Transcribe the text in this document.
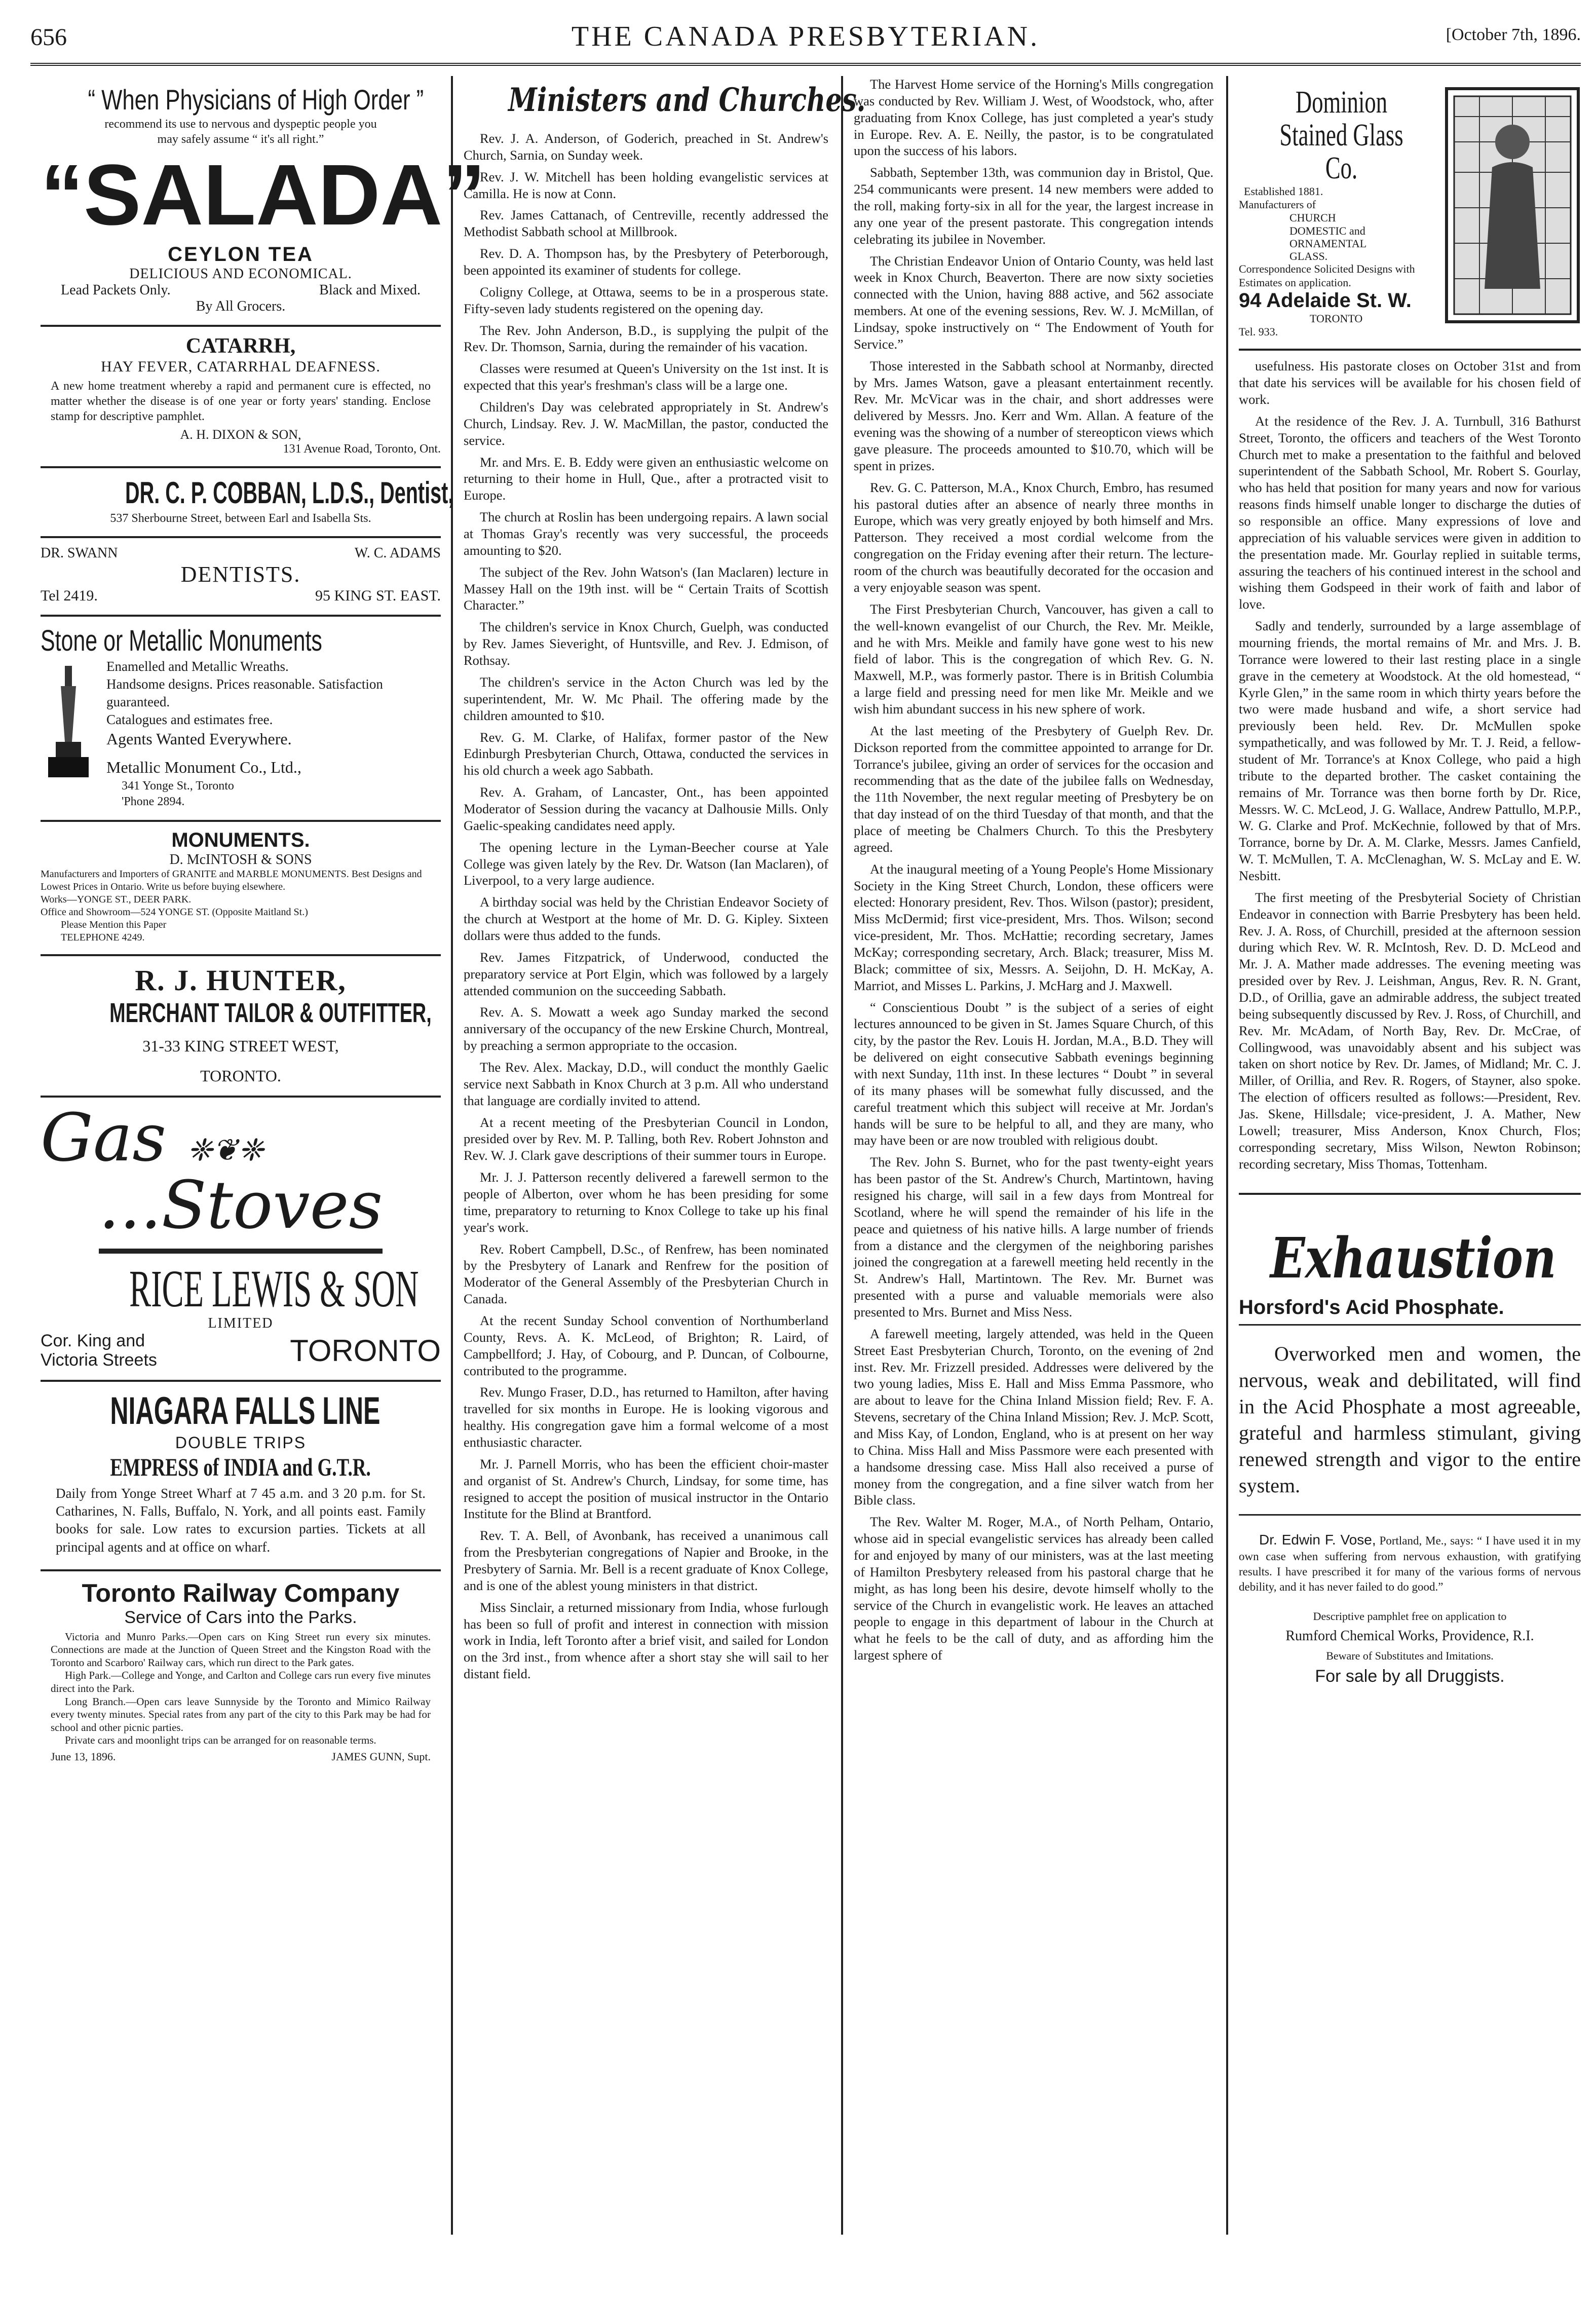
656	THE CANADA PRESBYTERIAN.	[October 7th, 1896.
“ When Physicians of High Order ”
recommend its use to nervous and dyspeptic people you may safely assume “ it's all right.”
“SALADA”
CEYLON TEA
DELICIOUS AND ECONOMICAL.
Lead Packets Only.	Black and Mixed.
By All Grocers.
CATARRH,
HAY FEVER, CATARRHAL DEAFNESS.
A new home treatment whereby a rapid and permanent cure is effected, no matter whether the disease is of one year or forty years' standing. Enclose stamp for descriptive pamphlet.
A. H. DIXON & SON,
131 Avenue Road, Toronto, Ont.
DR. C. P. COBBAN, L.D.S., Dentist,
537 Sherbourne Street, between Earl and Isabella Sts.
DR. SWANN	W. C. ADAMS
DENTISTS.
Tel 2419.	95 KING ST. EAST.
Stone or Metallic Monuments
Enamelled and Metallic Wreaths.
Handsome designs. Prices reasonable. Satisfaction guaranteed.
Catalogues and estimates free.
Agents Wanted Everywhere.
Metallic Monument Co., Ltd.,
341 Yonge St., Toronto
'Phone 2894.
MONUMENTS.
D. McINTOSH & SONS
Manufacturers and Importers of GRANITE and MARBLE MONUMENTS. Best Designs and Lowest Prices in Ontario. Write us before buying elsewhere.
Works—YONGE ST., DEER PARK.
Office and Showroom—524 YONGE ST. (Opposite Maitland St.)
Please Mention this Paper
TELEPHONE 4249.
R. J. HUNTER,
MERCHANT TAILOR & OUTFITTER,
31-33 KING STREET WEST,
TORONTO.
Gas ❈❦❈
...Stoves
RICE LEWIS & SON
LIMITED
Cor. King and Victoria Streets	TORONTO
NIAGARA FALLS LINE
DOUBLE TRIPS
EMPRESS of INDIA and G.T.R.
Daily from Yonge Street Wharf at 7 45 a.m. and 3 20 p.m. for St. Catharines, N. Falls, Buffalo, N. York, and all points east. Family books for sale. Low rates to excursion parties. Tickets at all principal agents and at office on wharf.
Toronto Railway Company
Service of Cars into the Parks.

Victoria and Munro Parks.—Open cars on King Street run every six minutes. Connections are made at the Junction of Queen Street and the Kingston Road with the Toronto and Scarboro' Railway cars, which run direct to the Park gates.

High Park.—College and Yonge, and Carlton and College cars run every five minutes direct into the Park.

Long Branch.—Open cars leave Sunnyside by the Toronto and Mimico Railway every twenty minutes. Special rates from any part of the city to this Park may be had for school and other picnic parties.

Private cars and moonlight trips can be arranged for on reasonable terms.

June 13, 1896.	JAMES GUNN, Supt.
Ministers and Churches.

Rev. J. A. Anderson, of Goderich, preached in St. Andrew's Church, Sarnia, on Sunday week.

Rev. J. W. Mitchell has been holding evangelistic services at Camilla. He is now at Conn.

Rev. James Cattanach, of Centreville, recently addressed the Methodist Sabbath school at Millbrook.

Rev. D. A. Thompson has, by the Presbytery of Peterborough, been appointed its examiner of students for college.

Coligny College, at Ottawa, seems to be in a prosperous state. Fifty-seven lady students registered on the opening day.

The Rev. John Anderson, B.D., is supplying the pulpit of the Rev. Dr. Thomson, Sarnia, during the remainder of his vacation.

Classes were resumed at Queen's University on the 1st inst. It is expected that this year's freshman's class will be a large one.

Children's Day was celebrated appropriately in St. Andrew's Church, Lindsay. Rev. J. W. MacMillan, the pastor, conducted the service.

Mr. and Mrs. E. B. Eddy were given an enthusiastic welcome on returning to their home in Hull, Que., after a protracted visit to Europe.

The church at Roslin has been undergoing repairs. A lawn social at Thomas Gray's recently was very successful, the proceeds amounting to $20.

The subject of the Rev. John Watson's (Ian Maclaren) lecture in Massey Hall on the 19th inst. will be “ Certain Traits of Scottish Character.”

The children's service in Knox Church, Guelph, was conducted by Rev. James Sieveright, of Huntsville, and Rev. J. Edmison, of Rothsay.

The children's service in the Acton Church was led by the superintendent, Mr. W. Mc Phail. The offering made by the children amounted to $10.

Rev. G. M. Clarke, of Halifax, former pastor of the New Edinburgh Presbyterian Church, Ottawa, conducted the services in his old church a week ago Sabbath.

Rev. A. Graham, of Lancaster, Ont., has been appointed Moderator of Session during the vacancy at Dalhousie Mills. Only Gaelic-speaking candidates need apply.

The opening lecture in the Lyman-Beecher course at Yale College was given lately by the Rev. Dr. Watson (Ian Maclaren), of Liverpool, to a very large audience.

A birthday social was held by the Christian Endeavor Society of the church at Westport at the home of Mr. D. G. Kipley. Sixteen dollars were thus added to the funds.

Rev. James Fitzpatrick, of Underwood, conducted the preparatory service at Port Elgin, which was followed by a largely attended communion on the succeeding Sabbath.

Rev. A. S. Mowatt a week ago Sunday marked the second anniversary of the occupancy of the new Erskine Church, Montreal, by preaching a sermon appropriate to the occasion.

The Rev. Alex. Mackay, D.D., will conduct the monthly Gaelic service next Sabbath in Knox Church at 3 p.m. All who understand that language are cordially invited to attend.

At a recent meeting of the Presbyterian Council in London, presided over by Rev. M. P. Talling, both Rev. Robert Johnston and Rev. W. J. Clark gave descriptions of their summer tours in Europe.

Mr. J. J. Patterson recently delivered a farewell sermon to the people of Alberton, over whom he has been presiding for some time, preparatory to returning to Knox College to take up his final year's work.

Rev. Robert Campbell, D.Sc., of Renfrew, has been nominated by the Presbytery of Lanark and Renfrew for the position of Moderator of the General Assembly of the Presbyterian Church in Canada.

At the recent Sunday School convention of Northumberland County, Revs. A. K. McLeod, of Brighton; R. Laird, of Campbellford; J. Hay, of Cobourg, and P. Duncan, of Colbourne, contributed to the programme.

Rev. Mungo Fraser, D.D., has returned to Hamilton, after having travelled for six months in Europe. He is looking vigorous and healthy. His congregation gave him a formal welcome of a most enthusiastic character.

Mr. J. Parnell Morris, who has been the efficient choir-master and organist of St. Andrew's Church, Lindsay, for some time, has resigned to accept the position of musical instructor in the Ontario Institute for the Blind at Brantford.

Rev. T. A. Bell, of Avonbank, has received a unanimous call from the Presbyterian congregations of Napier and Brooke, in the Presbytery of Sarnia. Mr. Bell is a recent graduate of Knox College, and is one of the ablest young ministers in that district.

Miss Sinclair, a returned missionary from India, whose furlough has been so full of profit and interest in connection with mission work in India, left Toronto after a brief visit, and sailed for London on the 3rd inst., from whence after a short stay she will sail to her distant field.

The Harvest Home service of the Horning's Mills congregation was conducted by Rev. William J. West, of Woodstock, who, after graduating from Knox College, has just completed a year's study in Europe. Rev. A. E. Neilly, the pastor, is to be congratulated upon the success of his labors.

Sabbath, September 13th, was communion day in Bristol, Que. 254 communicants were present. 14 new members were added to the roll, making forty-six in all for the year, the largest increase in any one year of the present pastorate. This congregation intends celebrating its jubilee in November.

The Christian Endeavor Union of Ontario County, was held last week in Knox Church, Beaverton. There are now sixty societies connected with the Union, having 888 active, and 562 associate members. At one of the evening sessions, Rev. W. J. McMillan, of Lindsay, spoke instructively on “ The Endowment of Youth for Service.”

Those interested in the Sabbath school at Normanby, directed by Mrs. James Watson, gave a pleasant entertainment recently. Rev. Mr. McVicar was in the chair, and short addresses were delivered by Messrs. Jno. Kerr and Wm. Allan. A feature of the evening was the showing of a number of stereopticon views which gave pleasure. The proceeds amounted to $10.70, which will be spent in prizes.

Rev. G. C. Patterson, M.A., Knox Church, Embro, has resumed his pastoral duties after an absence of nearly three months in Europe, which was very greatly enjoyed by both himself and Mrs. Patterson. They received a most cordial welcome from the congregation on the Friday evening after their return. The lecture-room of the church was beautifully decorated for the occasion and a very enjoyable season was spent.

The First Presbyterian Church, Vancouver, has given a call to the well-known evangelist of our Church, the Rev. Mr. Meikle, and he with Mrs. Meikle and family have gone west to his new field of labor. This is the congregation of which Rev. G. N. Maxwell, M.P., was formerly pastor. There is in British Columbia a large field and pressing need for men like Mr. Meikle and we wish him abundant success in his new sphere of work.

At the last meeting of the Presbytery of Guelph Rev. Dr. Dickson reported from the committee appointed to arrange for Dr. Torrance's jubilee, giving an order of services for the occasion and recommending that as the date of the jubilee falls on Wednesday, the 11th November, the next regular meeting of Presbytery be on that day instead of on the third Tuesday of that month, and that the place of meeting be Chalmers Church. To this the Presbytery agreed.

At the inaugural meeting of a Young People's Home Missionary Society in the King Street Church, London, these officers were elected: Honorary president, Rev. Thos. Wilson (pastor); president, Miss McDermid; first vice-president, Mrs. Thos. Wilson; second vice-president, Mr. Thos. McHattie; recording secretary, James McKay; corresponding secretary, Arch. Black; treasurer, Miss M. Black; committee of six, Messrs. A. Seijohn, D. H. McKay, A. Marriot, and Misses L. Parkins, J. McHarg and J. Maxwell.

“ Conscientious Doubt ” is the subject of a series of eight lectures announced to be given in St. James Square Church, of this city, by the pastor the Rev. Louis H. Jordan, M.A., B.D. They will be delivered on eight consecutive Sabbath evenings beginning with next Sunday, 11th inst. In these lectures “ Doubt ” in several of its many phases will be somewhat fully discussed, and the careful treatment which this subject will receive at Mr. Jordan's hands will be sure to be helpful to all, and they are many, who may have been or are now troubled with religious doubt.

The Rev. John S. Burnet, who for the past twenty-eight years has been pastor of the St. Andrew's Church, Martintown, having resigned his charge, will sail in a few days from Montreal for Scotland, where he will spend the remainder of his life in the peace and quietness of his native hills. A large number of friends from a distance and the clergymen of the neighboring parishes joined the congregation at a farewell meeting held recently in the St. Andrew's Hall, Martintown. The Rev. Mr. Burnet was presented with a purse and valuable memorials were also presented to Mrs. Burnet and Miss Ness.

A farewell meeting, largely attended, was held in the Queen Street East Presbyterian Church, Toronto, on the evening of 2nd inst. Rev. Mr. Frizzell presided. Addresses were delivered by the two young ladies, Miss E. Hall and Miss Emma Passmore, who are about to leave for the China Inland Mission field; Rev. F. A. Stevens, secretary of the China Inland Mission; Rev. J. McP. Scott, and Miss Kay, of London, England, who is at present on her way to China. Miss Hall and Miss Passmore were each presented with a handsome dressing case. Miss Hall also received a purse of money from the congregation, and a fine silver watch from her Bible class.

The Rev. Walter M. Roger, M.A., of North Pelham, Ontario, whose aid in special evangelistic services has already been called for and enjoyed by many of our ministers, was at the last meeting of Hamilton Presbytery released from his pastoral charge that he might, as has long been his desire, devote himself wholly to the service of the Church in evangelistic work. He leaves an attached people to engage in this department of labour in the Church at what he feels to be the call of duty, and as affording him the largest sphere of

Dominion Stained Glass Co.
Established 1881.
Manufacturers of
CHURCH
DOMESTIC and
ORNAMENTAL
GLASS.
Correspondence Solicited Designs with Estimates on application.
94 Adelaide St. W.
TORONTO
Tel. 933.

usefulness. His pastorate closes on October 31st and from that date his services will be available for his chosen field of work.

At the residence of the Rev. J. A. Turnbull, 316 Bathurst Street, Toronto, the officers and teachers of the West Toronto Church met to make a presentation to the faithful and beloved superintendent of the Sabbath School, Mr. Robert S. Gourlay, who has held that position for many years and now for various reasons finds himself unable longer to discharge the duties of so responsible an office. Many expressions of love and appreciation of his valuable services were given in addition to the presentation made. Mr. Gourlay replied in suitable terms, assuring the teachers of his continued interest in the school and wishing them Godspeed in their work of faith and labor of love.

Sadly and tenderly, surrounded by a large assemblage of mourning friends, the mortal remains of Mr. and Mrs. J. B. Torrance were lowered to their last resting place in a single grave in the cemetery at Woodstock. At the old homestead, “ Kyrle Glen,” in the same room in which thirty years before the two were made husband and wife, a short service had previously been held. Rev. Dr. McMullen spoke sympathetically, and was followed by Mr. T. J. Reid, a fellow-student of Mr. Torrance's at Knox College, who paid a high tribute to the departed brother. The casket containing the remains of Mr. Torrance was then borne forth by Dr. Rice, Messrs. W. C. McLeod, J. G. Wallace, Andrew Pattullo, M.P.P., W. G. Clarke and Prof. McKechnie, followed by that of Mrs. Torrance, borne by Dr. A. M. Clarke, Messrs. James Canfield, W. T. McMullen, T. A. McClenaghan, W. S. McLay and E. W. Nesbitt.

The first meeting of the Presbyterial Society of Christian Endeavor in connection with Barrie Presbytery has been held. Rev. J. A. Ross, of Churchill, presided at the afternoon session during which Rev. W. R. McIntosh, Rev. D. D. McLeod and Mr. J. A. Mather made addresses. The evening meeting was presided over by Rev. J. Leishman, Angus, Rev. R. N. Grant, D.D., of Orillia, gave an admirable address, the subject treated being subsequently discussed by Rev. J. Ross, of Churchill, and Rev. Mr. McAdam, of North Bay, Rev. Dr. McCrae, of Collingwood, was unavoidably absent and his subject was taken on short notice by Rev. Dr. James, of Midland; Mr. C. J. Miller, of Orillia, and Rev. R. Rogers, of Stayner, also spoke. The election of officers resulted as follows:—President, Rev. Jas. Skene, Hillsdale; vice-president, J. A. Mather, New Lowell; treasurer, Miss Anderson, Knox Church, Flos; corresponding secretary, Miss Wilson, Newton Robinson; recording secretary, Miss Thomas, Tottenham.

Exhaustion
Horsford's Acid Phosphate.
Overworked men and women, the nervous, weak and debilitated, will find in the Acid Phosphate a most agreeable, grateful and harmless stimulant, giving renewed strength and vigor to the entire system.
Dr. Edwin F. Vose, Portland, Me., says: “ I have used it in my own case when suffering from nervous exhaustion, with gratifying results. I have prescribed it for many of the various forms of nervous debility, and it has never failed to do good.”
Descriptive pamphlet free on application to
Rumford Chemical Works, Providence, R.I.
Beware of Substitutes and Imitations.
For sale by all Druggists.
